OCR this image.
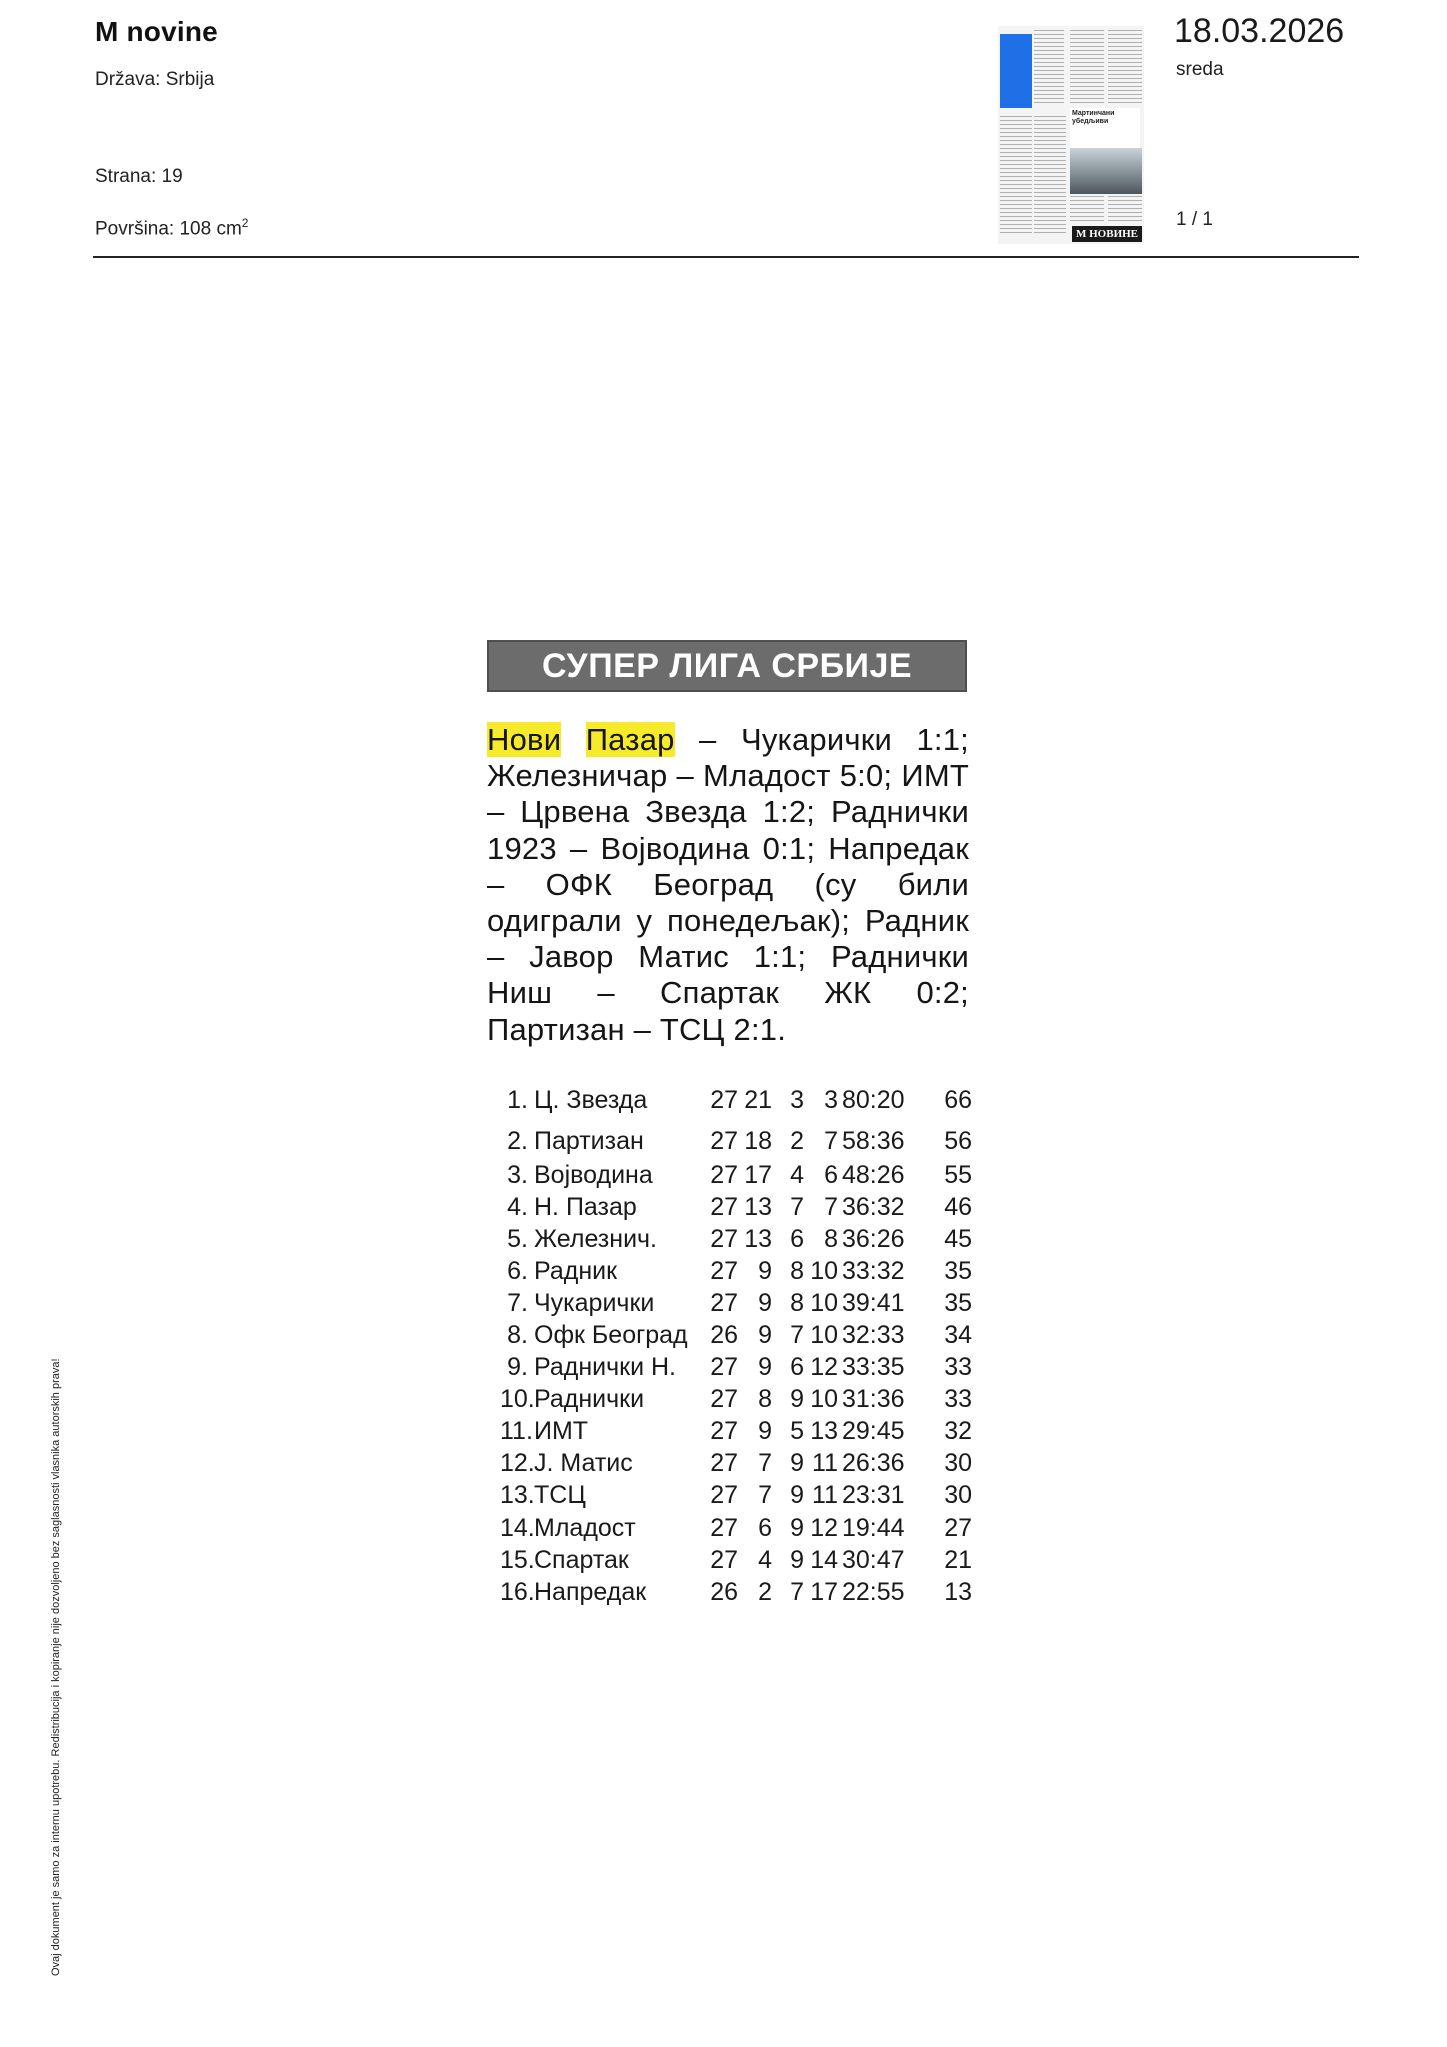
M novine
Država: Srbija
Strana: 19
Površina: 108 $cm^2$
Мартинчани убедљиви
M НОВИНЕ
18.03.2026
sreda
1 / 1
Ovaj dokument je samo za internu upotrebu. Redistribucija i kopiranje nije dozvoljeno bez saglasnosti vlasnika autorskih prava!
СУПЕР ЛИГА СРБИЈЕ
Нови Пазар – Чукарички 1:1; Железничар – Младост 5:0; ИМТ – Црвена Звезда 1:2; Раднички 1923 – Војводина 0:1; Напредак – ОФК Београд (су били одиграли у понедељак); Радник – Јавор Матис 1:1; Раднички Ниш – Спартак ЖК 0:2; Партизан – ТСЦ 2:1.
1. Ц. Звезда	27 21 3 3 80:20	66
2. Партизан	27 18 2 7 58:36	56
3. Војводина 27 17 4 6 48:26	55
4. Н. Пазар	27 13 7 7 36:32	46
5. Железнич. 27 13 6 8 36:26	45
6. Радник	27 9 8 10 33:32	35
7. Чукарички 27 9 8 10 39:41	35
8. Офк Београд 26 9 7 10 32:33	34
9. Раднички Н. 27 9 6 12 33:35	33
10. Раднички	27 8 9 10 31:36	33
11. ИМТ	27 9 5 13 29:45	32
12. Ј. Матис	27 7 9 11 26:36	30
13. ТСЦ	27 7 9 11 23:31	30
14. Младост	27 6 9 12 19:44	27
15. Спартак	27 4 9 14 30:47	21
16. Напредак	26 2 7 17 22:55	13
